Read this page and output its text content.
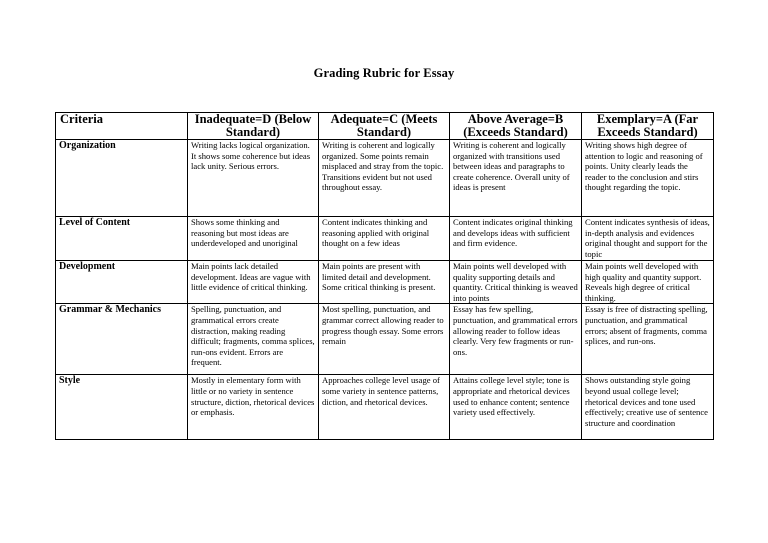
Grading Rubric for Essay
Criteria	Inadequate=D (Below Standard)	Adequate=C (Meets Standard)	Above Average=B (Exceeds Standard)	Exemplary=A (Far Exceeds Standard)
Organization	Writing lacks logical organization. It shows some coherence but ideas lack unity. Serious errors.	Writing is coherent and logically organized. Some points remain misplaced and stray from the topic. Transitions evident but not used throughout essay.	Writing is coherent and logically organized with transitions used between ideas and paragraphs to create coherence. Overall unity of ideas is present	Writing shows high degree of attention to logic and reasoning of points. Unity clearly leads the reader to the conclusion and stirs thought regarding the topic.
Level of Content	Shows some thinking and reasoning but most ideas are underdeveloped and unoriginal	Content indicates thinking and reasoning applied with original thought on a few ideas	Content indicates original thinking and develops ideas with sufficient and firm evidence.	Content indicates synthesis of ideas, in-depth analysis and evidences original thought and support for the topic
Development	Main points lack detailed development. Ideas are vague with little evidence of critical thinking.	Main points are present with limited detail and development. Some critical thinking is present.	Main points well developed with quality supporting details and quantity. Critical thinking is weaved into points	Main points well developed with high quality and quantity support. Reveals high degree of critical thinking.
Grammar & Mechanics	Spelling, punctuation, and grammatical errors create distraction, making reading difficult; fragments, comma splices, run-ons evident. Errors are frequent.	Most spelling, punctuation, and grammar correct allowing reader to progress though essay. Some errors remain	Essay has few spelling, punctuation, and grammatical errors allowing reader to follow ideas clearly. Very few fragments or run-ons.	Essay is free of distracting spelling, punctuation, and grammatical errors; absent of fragments, comma splices, and run-ons.
Style	Mostly in elementary form with little or no variety in sentence structure, diction, rhetorical devices or emphasis.	Approaches college level usage of some variety in sentence patterns, diction, and rhetorical devices.	Attains college level style; tone is appropriate and rhetorical devices used to enhance content; sentence variety used effectively.	Shows outstanding style going beyond usual college level; rhetorical devices and tone used effectively; creative use of sentence structure and coordination
